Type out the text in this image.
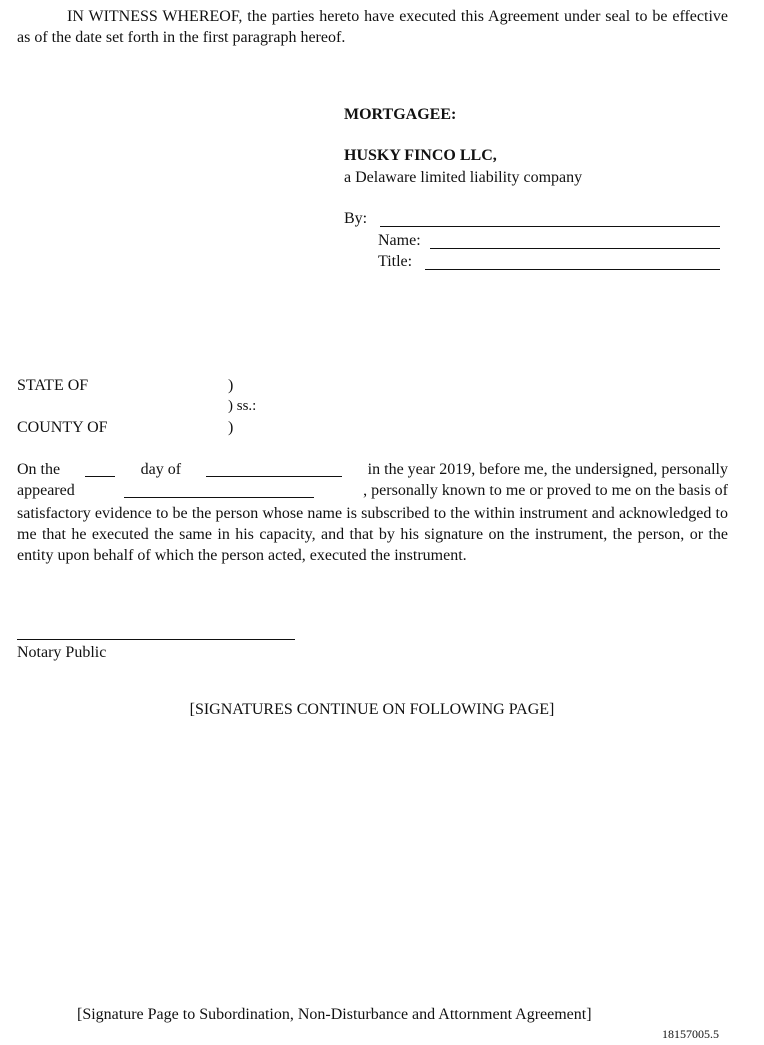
IN WITNESS WHEREOF, the parties hereto have executed this Agreement under seal to be effective as of the date set forth in the first paragraph hereof.
MORTGAGEE:
HUSKY FINCO LLC,
a Delaware limited liability company
By:
Name:
Title:
STATE OF	)
) ss.:
COUNTY OF	)
On the	day of	in the year 2019, before me, the undersigned, personally
appeared	, personally known to me or proved to me on the basis of
satisfactory evidence to be the person whose name is subscribed to the within instrument and acknowledged to me that he executed the same in his capacity, and that by his signature on the instrument, the person, or the entity upon behalf of which the person acted, executed the instrument.
Notary Public
[SIGNATURES CONTINUE ON FOLLOWING PAGE]
[Signature Page to Subordination, Non-Disturbance and Attornment Agreement]
18157005.5
